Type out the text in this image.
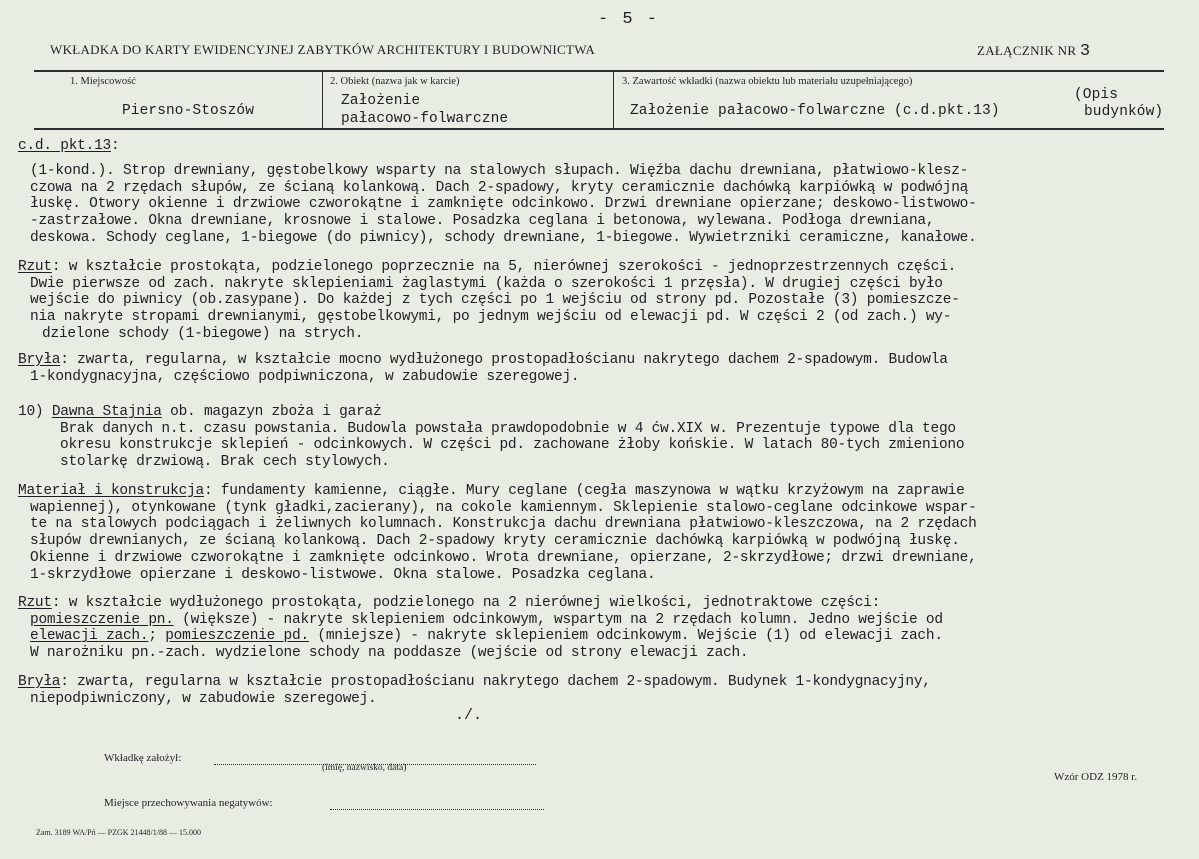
- 5 -
WKŁADKA DO KARTY EWIDENCYJNEJ ZABYTKÓW ARCHITEKTURY I BUDOWNICTWA	ZAŁĄCZNIK NR 3
1. Miejscowość
Piersno-Stoszów
2. Obiekt (nazwa jak w karcie)
Założenie
pałacowo-folwarczne
3. Zawartość wkładki (nazwa obiektu lub materiału uzupełniającego)
Założenie pałacowo-folwarczne (c.d.pkt.13)
(Opis
budynków)
c.d. pkt.13:
(1-kond.). Strop drewniany, gęstobelkowy wsparty na stalowych słupach. Więźba dachu drewniana, płatwiowo-klesz-
czowa na 2 rzędach słupów, ze ścianą kolankową. Dach 2-spadowy, kryty ceramicznie dachówką karpiówką w podwójną
łuskę. Otwory okienne i drzwiowe czworokątne i zamknięte odcinkowo. Drzwi drewniane opierzane; deskowo-listwowo-
-zastrzałowe. Okna drewniane, krosnowe i stalowe. Posadzka ceglana i betonowa, wylewana. Podłoga drewniana,
deskowa. Schody ceglane, 1-biegowe (do piwnicy), schody drewniane, 1-biegowe. Wywietrzniki ceramiczne, kanałowe.
Rzut: w kształcie prostokąta, podzielonego poprzecznie na 5, nierównej szerokości - jednoprzestrzennych części.
Dwie pierwsze od zach. nakryte sklepieniami żaglastymi (każda o szerokości 1 przęsła). W drugiej części było
wejście do piwnicy (ob.zasypane). Do każdej z tych części po 1 wejściu od strony pd. Pozostałe (3) pomieszcze-
nia nakryte stropami drewnianymi, gęstobelkowymi, po jednym wejściu od elewacji pd. W części 2 (od zach.) wy-
dzielone schody (1-biegowe) na strych.
Bryła: zwarta, regularna, w kształcie mocno wydłużonego prostopadłościanu nakrytego dachem 2-spadowym. Budowla
1-kondygnacyjna, częściowo podpiwniczona, w zabudowie szeregowej.
10) Dawna Stajnia ob. magazyn zboża i garaż
Brak danych n.t. czasu powstania. Budowla powstała prawdopodobnie w 4 ćw.XIX w. Prezentuje typowe dla tego
okresu konstrukcje sklepień - odcinkowych. W części pd. zachowane żłoby końskie. W latach 80-tych zmieniono
stolarkę drzwiową. Brak cech stylowych.
Materiał i konstrukcja: fundamenty kamienne, ciągłe. Mury ceglane (cegła maszynowa w wątku krzyżowym na zaprawie
wapiennej), otynkowane (tynk gładki,zacierany), na cokole kamiennym. Sklepienie stalowo-ceglane odcinkowe wspar-
te na stalowych podciągach i żeliwnych kolumnach. Konstrukcja dachu drewniana płatwiowo-kleszczowa, na 2 rzędach
słupów drewnianych, ze ścianą kolankową. Dach 2-spadowy kryty ceramicznie dachówką karpiówką w podwójną łuskę.
Okienne i drzwiowe czworokątne i zamknięte odcinkowo. Wrota drewniane, opierzane, 2-skrzydłowe; drzwi drewniane,
1-skrzydłowe opierzane i deskowo-listwowe. Okna stalowe. Posadzka ceglana.
Rzut: w kształcie wydłużonego prostokąta, podzielonego na 2 nierównej wielkości, jednotraktowe części:
pomieszczenie pn. (większe) - nakryte sklepieniem odcinkowym, wspartym na 2 rzędach kolumn. Jedno wejście od
elewacji zach.; pomieszczenie pd. (mniejsze) - nakryte sklepieniem odcinkowym. Wejście (1) od elewacji zach.
W narożniku pn.-zach. wydzielone schody na poddasze (wejście od strony elewacji zach.
Bryła: zwarta, regularna w kształcie prostopadłościanu nakrytego dachem 2-spadowym. Budynek 1-kondygnacyjny,
niepodpiwniczony, w zabudowie szeregowej.
./.
Wkładkę założył:
Miejsce przechowywania negatywów:
(imię, nazwisko, data)
Wzór ODZ 1978 r.
Zam. 3189 WA/Pń — PZGK 21448/1/88 — 15.000
